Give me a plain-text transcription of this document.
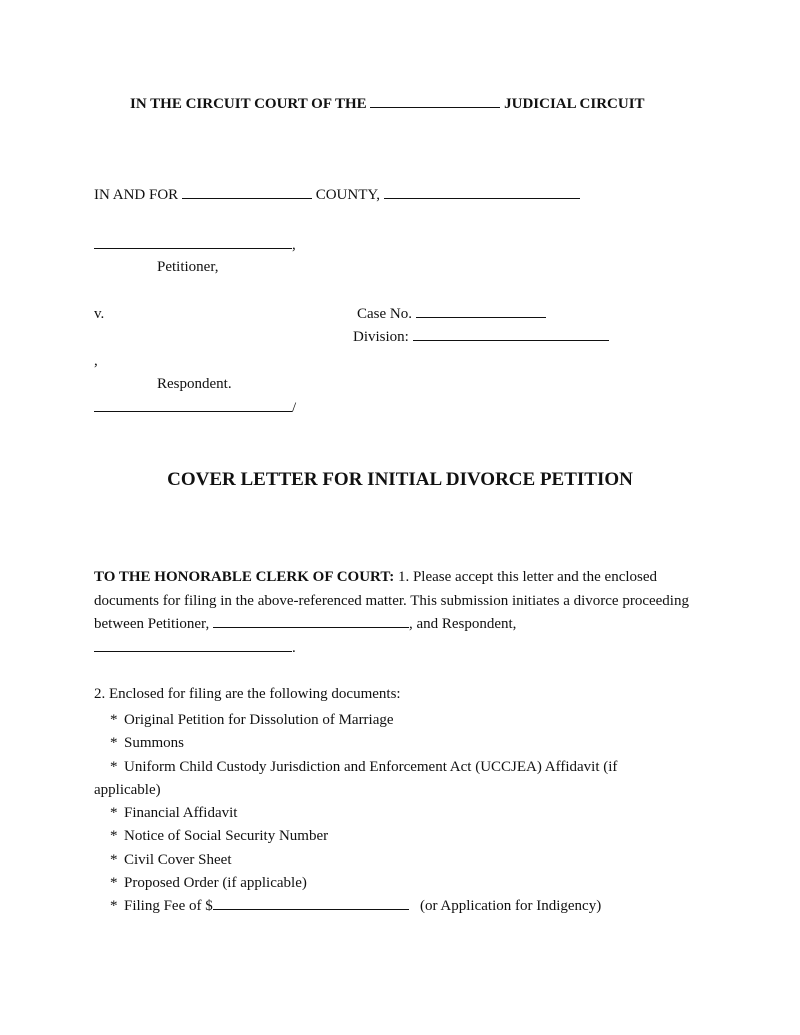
IN THE CIRCUIT COURT OF THE	JUDICIAL CIRCUIT
IN AND FOR	COUNTY,
,
Petitioner,
v.	Case No.
Division:
,
Respondent.
/
COVER LETTER FOR INITIAL DIVORCE PETITION
TO THE HONORABLE CLERK OF COURT: 1. Please accept this letter and the enclosed documents for filing in the above-referenced matter. This submission initiates a divorce proceeding between Petitioner,	, and Respondent,
.
2. Enclosed for filing are the following documents:
* Original Petition for Dissolution of Marriage
* Summons
* Uniform Child Custody Jurisdiction and Enforcement Act (UCCJEA) Affidavit (if
applicable)
* Financial Affidavit
* Notice of Social Security Number
* Civil Cover Sheet
* Proposed Order (if applicable)
* Filing Fee of $	(or Application for Indigency)
